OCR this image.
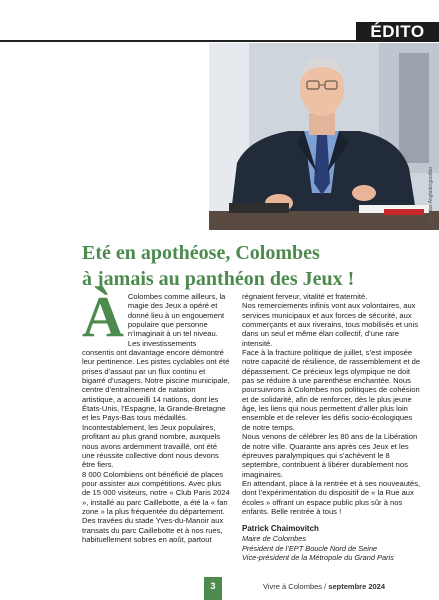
ÉDITO
© Nicolas Anglade/goodbo
Eté en apothéose, Colombes
à jamais au panthéon des Jeux !
À Colombes comme ailleurs, la magie des Jeux a opéré et donné lieu à un engouement populaire que personne n’imaginait à un tel niveau.

Les investissements consentis ont davantage encore démontré leur pertinence. Les pistes cyclables ont été prises d’assaut par un flux continu et bigarré d’usagers. Notre piscine municipale, centre d’entraînement de natation artistique, a accueilli 14 nations, dont les États-Unis, l’Espagne, la Grande-Bretagne et les Pays-Bas tous médaillés.

Incontestablement, les Jeux populaires, profitant au plus grand nombre, auxquels nous avons ardemment travaillé, ont été une réussite collective dont nous devons être fiers.

8 000 Colombiens ont bénéficié de places pour assister aux compétitions. Avec plus de 15 000 visiteurs, notre « Club Paris 2024 », installé au parc Caillebotte, a été la « fan zone » la plus fréquentée du département.

Des travées du stade Yves-du-Manoir aux transats du parc Caillebotte et à nos rues, habituellement sobres en août, partout

régnaient ferveur, vitalité et fraternité.

Nos remerciements infinis vont aux volontaires, aux services municipaux et aux forces de sécurité, aux commerçants et aux riverains, tous mobilisés et unis dans un seul et même élan collectif, d’une rare intensité.

Face à la fracture politique de juillet, s’est imposée notre capacité de résilience, de rassemblement et de dépassement. Ce précieux legs olympique ne doit pas se réduire à une parenthèse enchantée. Nous poursuivrons à Colombes nos politiques de cohésion et de solidarité, afin de renforcer, dès le plus jeune âge, les liens qui nous permettent d’aller plus loin ensemble et de relever les défis socio-écologiques de notre temps.

Nous venons de célébrer les 80 ans de la Libération de notre ville. Quarante ans après ces Jeux et les épreuves paralympiques qui s’achèvent le 8 septembre, contribuent à libérer durablement nos imaginaires.

En attendant, place à la rentrée et à ses nouveautés, dont l’expérimentation du dispositif de « la Rue aux écoles » offrant un espace public plus sûr à nos enfants. Belle rentrée à tous !

Patrick Chaimovitch
Maire de Colombes
Président de l’EPT Boucle Nord de Seine
Vice-président de la Métropole du Grand Paris
3	Vivre à Colombes / septembre 2024
